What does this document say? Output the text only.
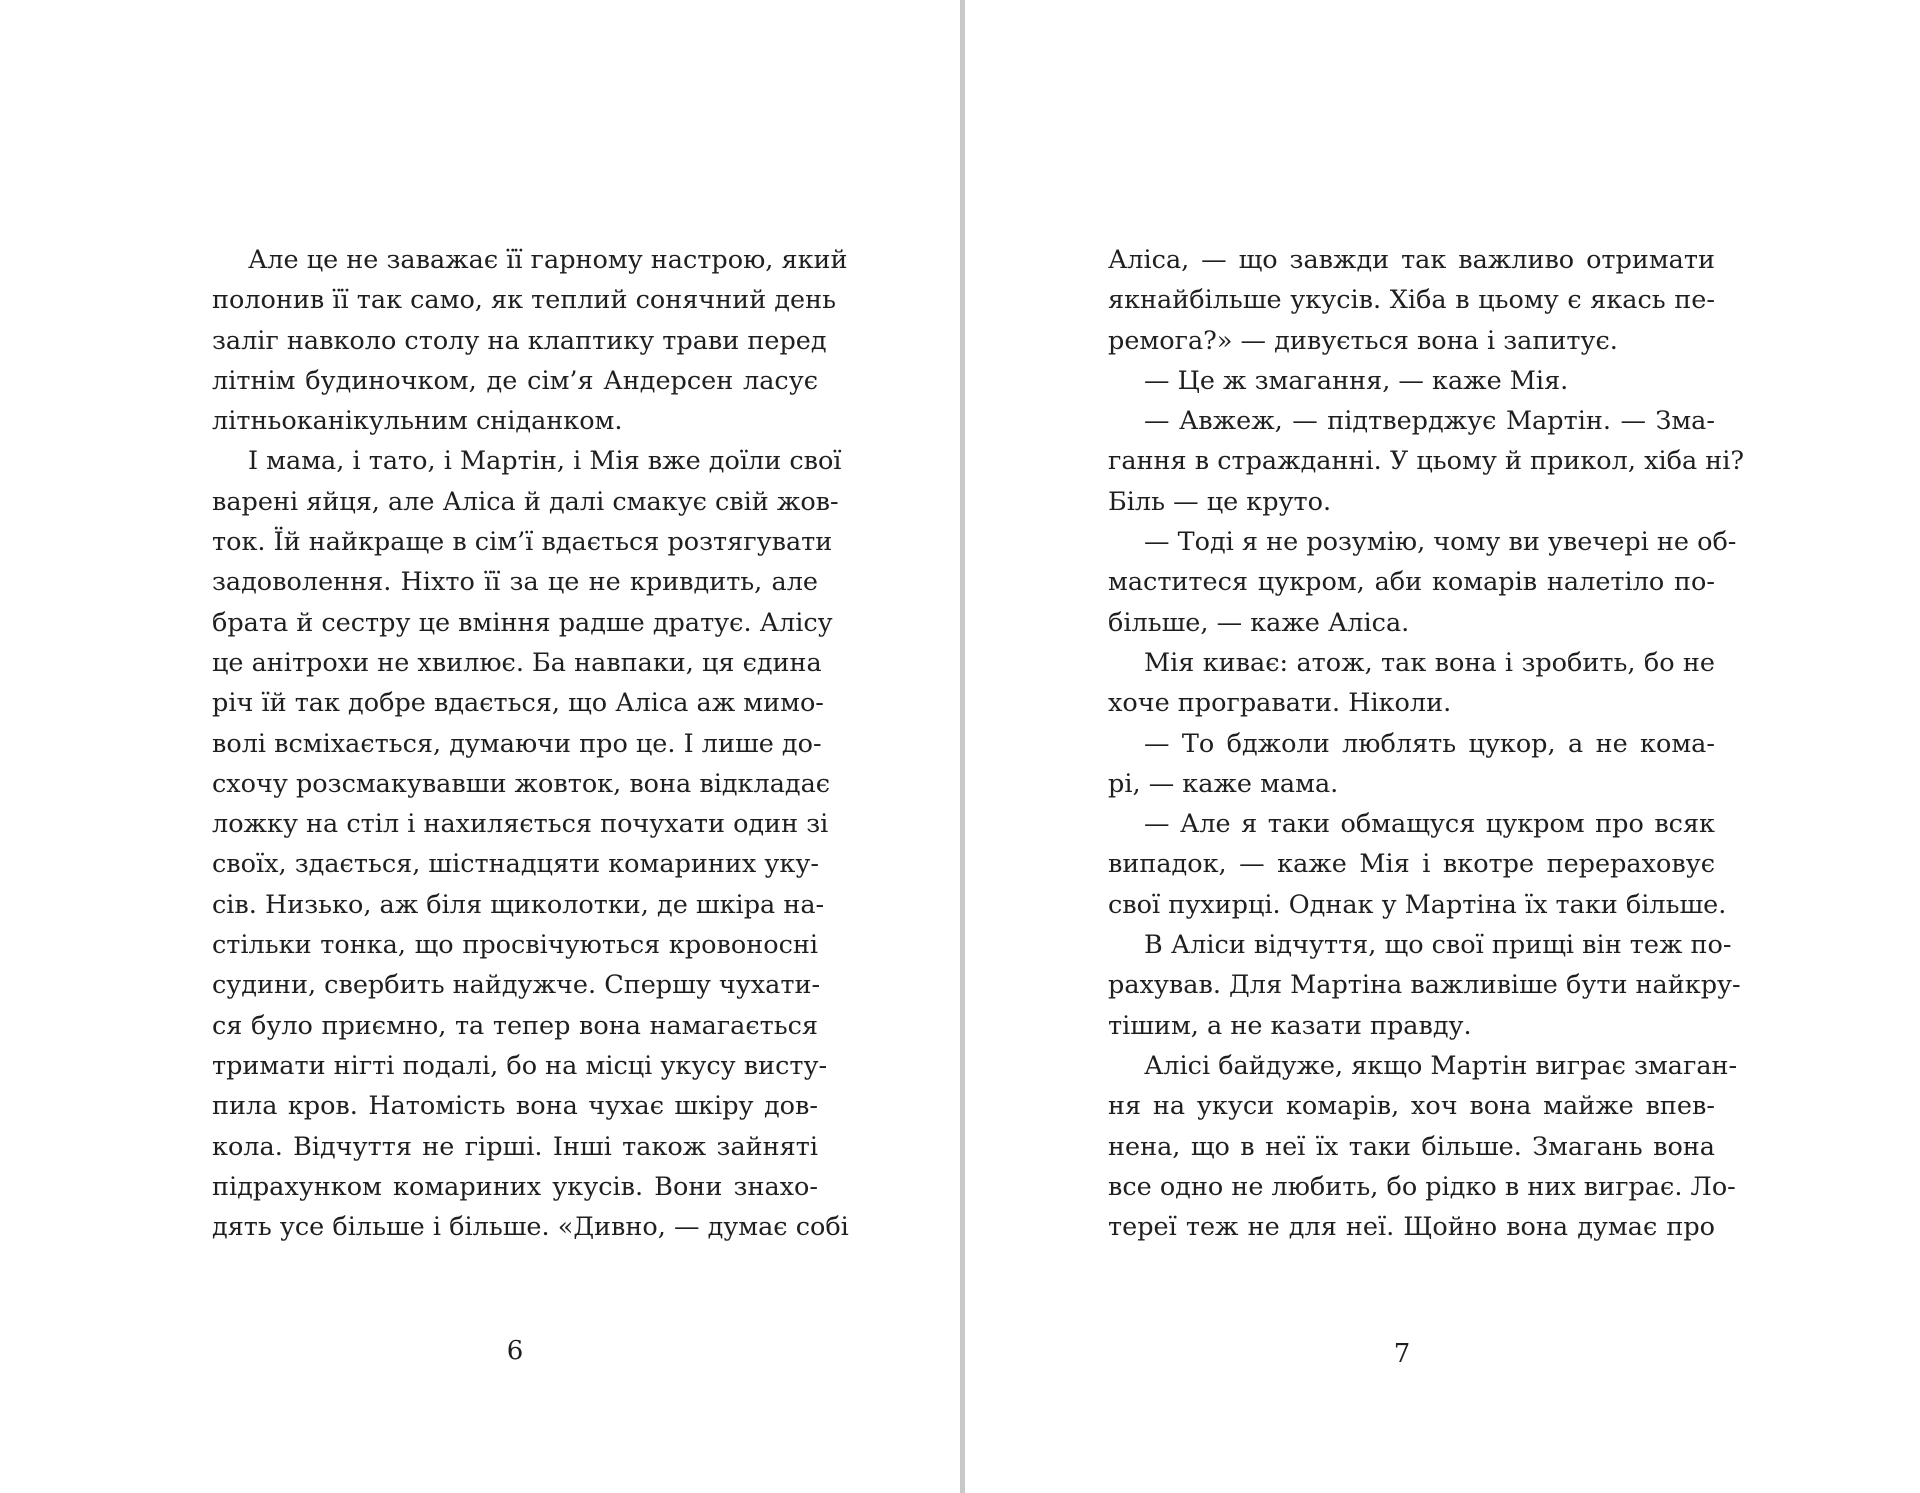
Але це не заважає її гарному настрою, який
полонив її так само, як теплий сонячний день
заліг навколо столу на клаптику трави перед
літнім будиночком, де сім’я Андерсен ласує
літньоканікульним сніданком.
І мама, і тато, і Мартін, і Мія вже доїли свої
варені яйця, але Аліса й далі смакує свій жов-
ток. Їй найкраще в сім’ї вдається розтягувати
задоволення. Ніхто її за це не кривдить, але
брата й сестру це вміння радше дратує. Алісу
це анітрохи не хвилює. Ба навпаки, ця єдина
річ їй так добре вдається, що Аліса аж мимо-
волі всміхається, думаючи про це. І лише до-
схочу розсмакувавши жовток, вона відкладає
ложку на стіл і нахиляється почухати один зі
своїх, здається, шістнадцяти комариних уку-
сів. Низько, аж біля щиколотки, де шкіра на-
стільки тонка, що просвічуються кровоносні
судини, свербить найдужче. Спершу чухати-
ся було приємно, та тепер вона намагається
тримати нігті подалі, бо на місці укусу висту-
пила кров. Натомість вона чухає шкіру дов-
кола. Відчуття не гірші. Інші також зайняті
підрахунком комариних укусів. Вони знахо-
дять усе більше і більше. «Дивно, — думає собі
6
Аліса, — що завжди так важливо отримати
якнайбільше укусів. Хіба в цьому є якась пе-
ремога?» — дивується вона і запитує.
— Це ж змагання, — каже Мія.
— Авжеж, — підтверджує Мартін. — Зма-
гання в стражданні. У цьому й прикол, хіба ні?
Біль — це круто.
— Тоді я не розумію, чому ви увечері не об-
маститеся цукром, аби комарів налетіло по-
більше, — каже Аліса.
Мія киває: атож, так вона і зробить, бо не
хоче програвати. Ніколи.
— То бджоли люблять цукор, а не кома-
рі, — каже мама.
— Але я таки обмащуся цукром про всяк
випадок, — каже Мія і вкотре перераховує
свої пухирці. Однак у Мартіна їх таки більше.
В Аліси відчуття, що свої прищі він теж по-
рахував. Для Мартіна важливіше бути найкру-
тішим, а не казати правду.
Алісі байдуже, якщо Мартін виграє змаган-
ня на укуси комарів, хоч вона майже впев-
нена, що в неї їх таки більше. Змагань вона
все одно не любить, бо рідко в них виграє. Ло-
тереї теж не для неї. Щойно вона думає про
7
